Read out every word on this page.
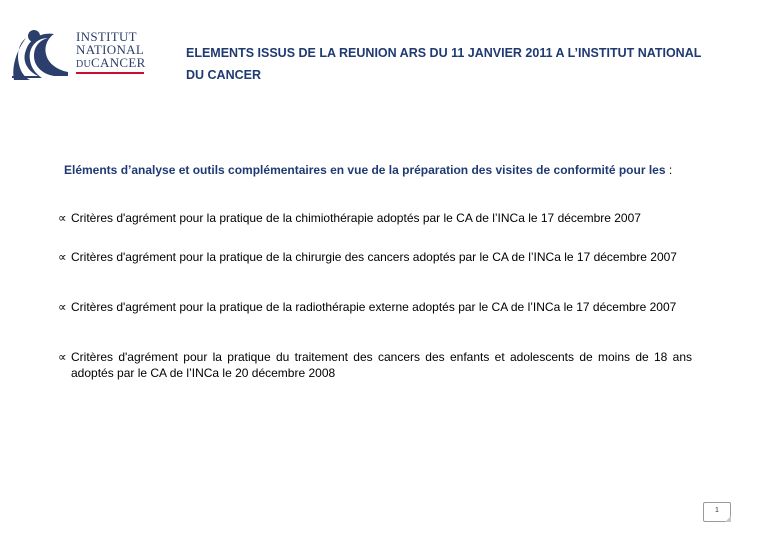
INSTITUT
NATIONAL
DUCANCER
ELEMENTS ISSUS DE LA REUNION ARS DU 11 JANVIER 2011 A L’INSTITUT NATIONAL DU CANCER
Eléments d’analyse et outils complémentaires en vue de la préparation des visites de conformité pour les :
∝ Critères d'agrément pour la pratique de la chimiothérapie adoptés par le CA de l’INCa le 17 décembre 2007
∝ Critères d'agrément pour la pratique de la chirurgie des cancers adoptés par le CA de l’INCa le 17 décembre 2007
∝ Critères d'agrément pour la pratique de la radiothérapie externe adoptés par le CA de l’INCa le 17 décembre 2007
∝ Critères d'agrément pour la pratique du traitement des cancers des enfants et adolescents de moins de 18 ans adoptés par le CA de l’INCa le 20 décembre 2008
1
